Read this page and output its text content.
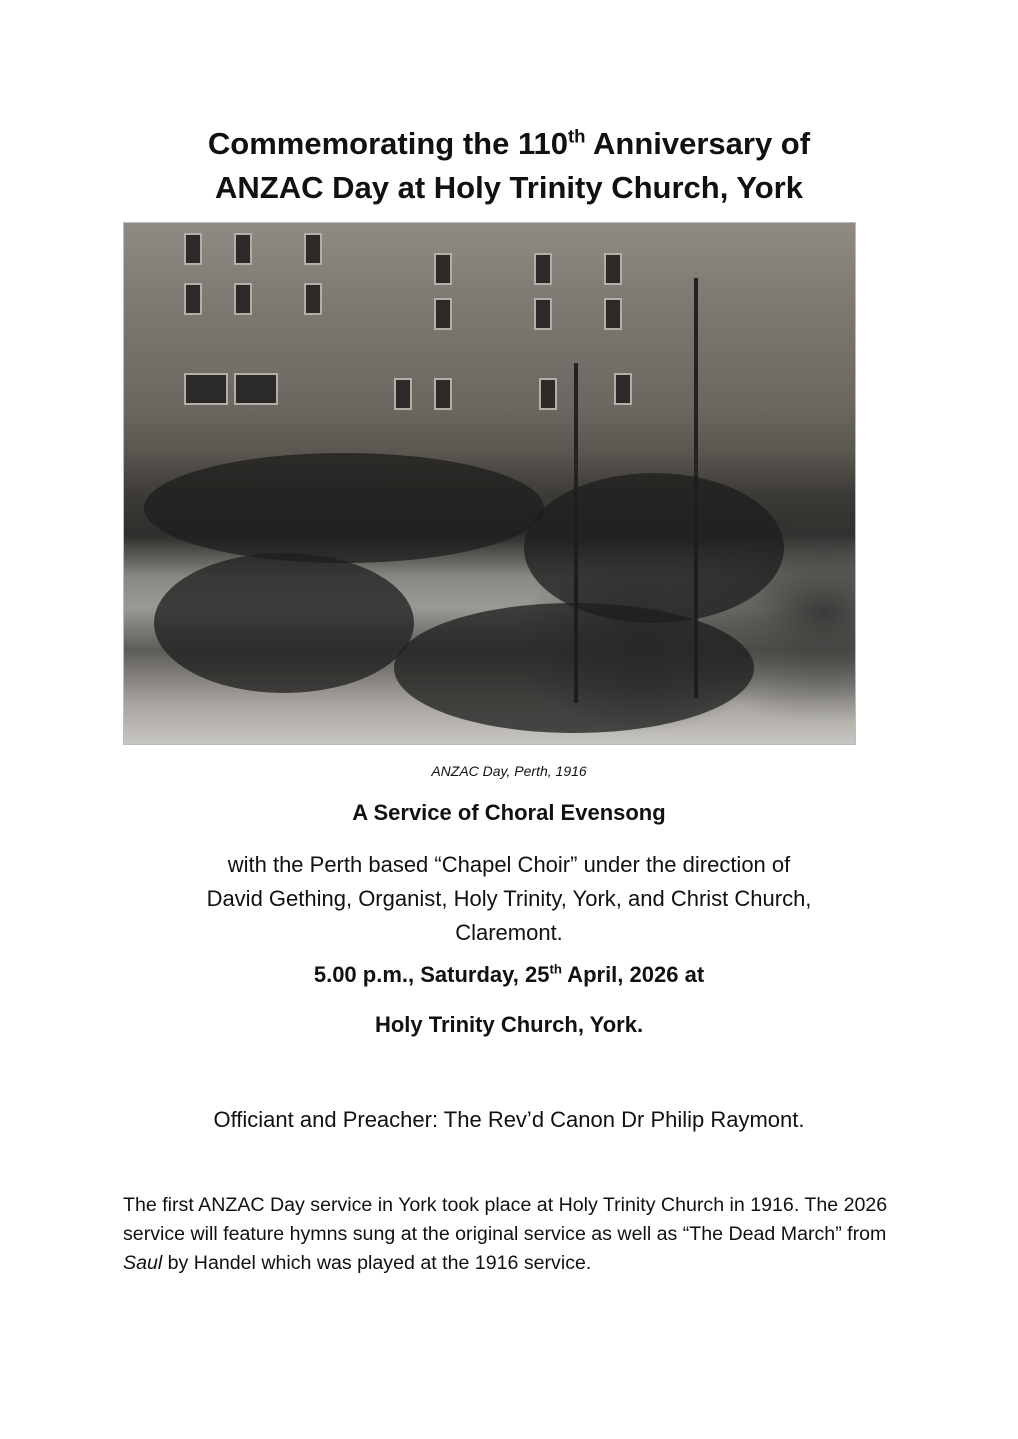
Commemorating the 110th Anniversary of
ANZAC Day at Holy Trinity Church, York
ANZAC Day, Perth, 1916
A Service of Choral Evensong
with the Perth based “Chapel Choir” under the direction of
David Gething, Organist, Holy Trinity, York, and Christ Church,
Claremont.
5.00 p.m., Saturday, 25th April, 2026 at
Holy Trinity Church, York.
Officiant and Preacher: The Rev’d Canon Dr Philip Raymont.
The first ANZAC Day service in York took place at Holy Trinity Church in 1916. The 2026 service will feature hymns sung at the original service as well as “The Dead March” from Saul by Handel which was played at the 1916 service.
